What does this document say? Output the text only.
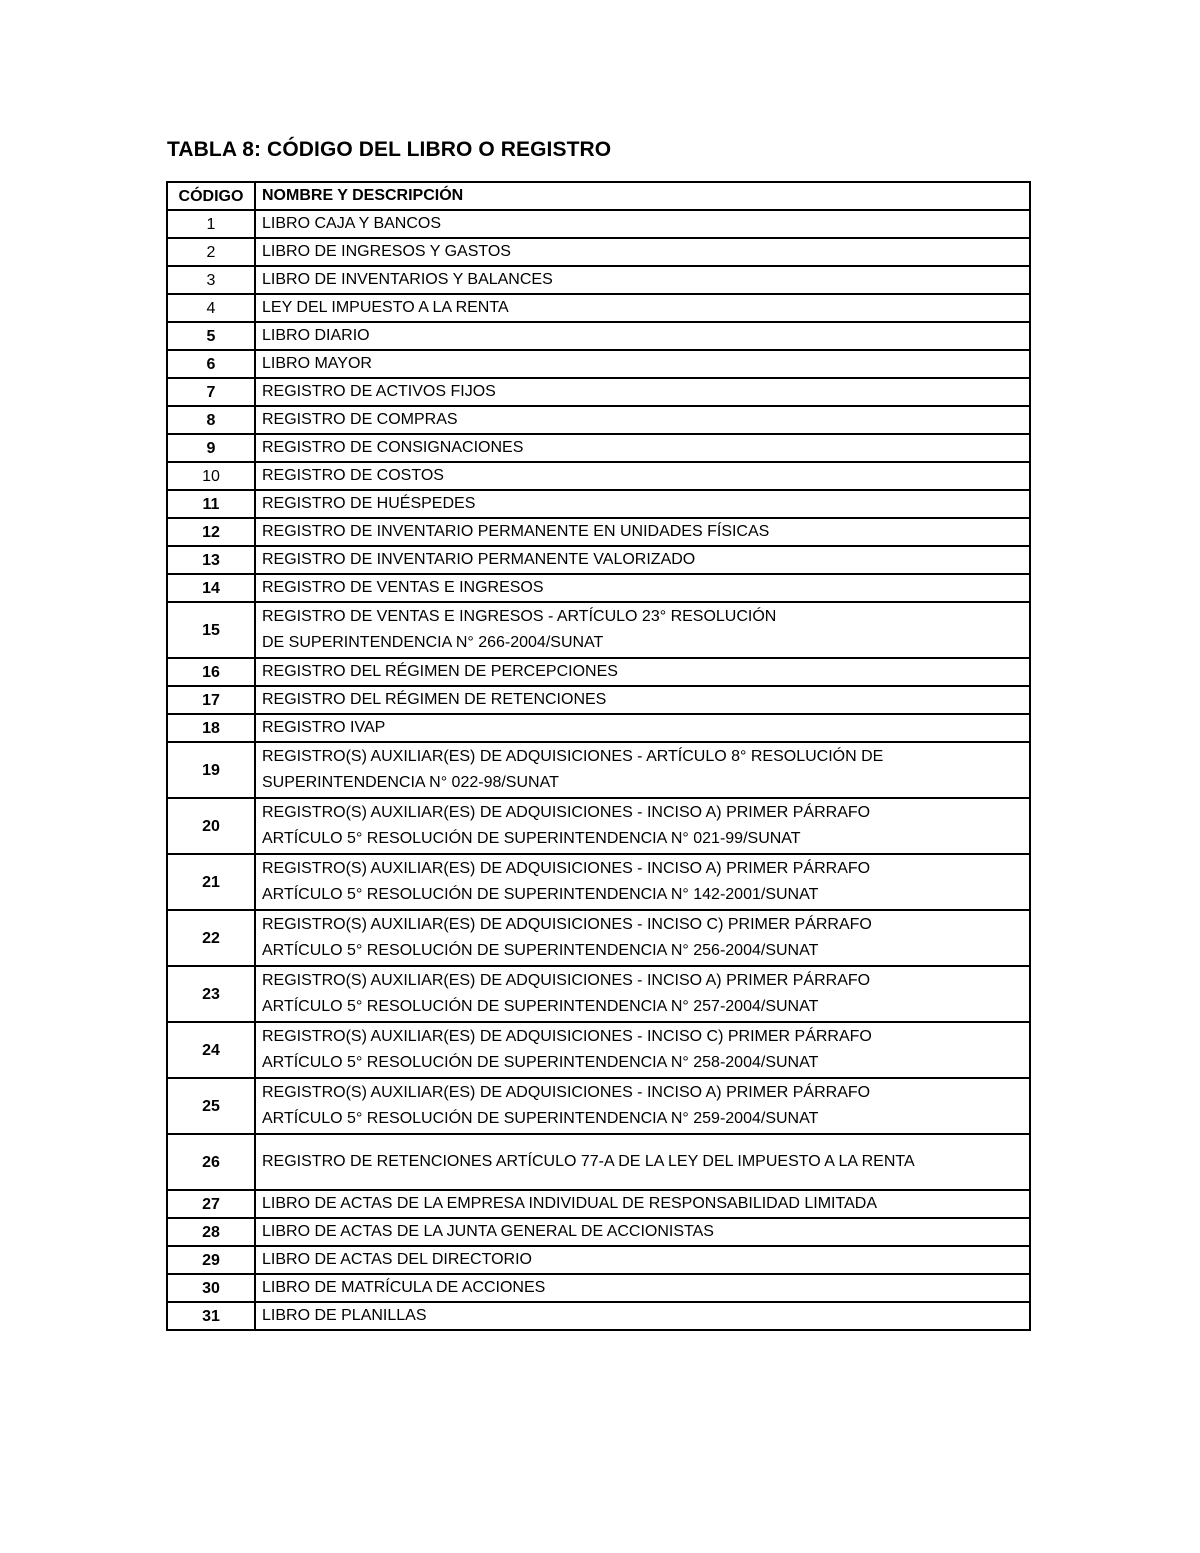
TABLA 8: CÓDIGO DEL LIBRO O REGISTRO
CÓDIGO	NOMBRE Y DESCRIPCIÓN
1	LIBRO CAJA Y BANCOS
2	LIBRO DE INGRESOS Y GASTOS
3	LIBRO DE INVENTARIOS Y BALANCES
4	LEY DEL IMPUESTO A LA RENTA
5	LIBRO DIARIO
6	LIBRO MAYOR
7	REGISTRO DE ACTIVOS FIJOS
8	REGISTRO DE COMPRAS
9	REGISTRO DE CONSIGNACIONES
10	REGISTRO DE COSTOS
11	REGISTRO DE HUÉSPEDES
12	REGISTRO DE INVENTARIO PERMANENTE EN UNIDADES FÍSICAS
13	REGISTRO DE INVENTARIO PERMANENTE VALORIZADO
14	REGISTRO DE VENTAS E INGRESOS
15	REGISTRO DE VENTAS E INGRESOS - ARTÍCULO 23° RESOLUCIÓN
DE SUPERINTENDENCIA N° 266-2004/SUNAT
16	REGISTRO DEL RÉGIMEN DE PERCEPCIONES
17	REGISTRO DEL RÉGIMEN DE RETENCIONES
18	REGISTRO IVAP
19	REGISTRO(S) AUXILIAR(ES) DE ADQUISICIONES - ARTÍCULO 8° RESOLUCIÓN DE
SUPERINTENDENCIA N° 022-98/SUNAT
20	REGISTRO(S) AUXILIAR(ES) DE ADQUISICIONES - INCISO A) PRIMER PÁRRAFO
ARTÍCULO 5° RESOLUCIÓN DE SUPERINTENDENCIA N° 021-99/SUNAT
21	REGISTRO(S) AUXILIAR(ES) DE ADQUISICIONES - INCISO A) PRIMER PÁRRAFO
ARTÍCULO 5° RESOLUCIÓN DE SUPERINTENDENCIA N° 142-2001/SUNAT
22	REGISTRO(S) AUXILIAR(ES) DE ADQUISICIONES - INCISO C) PRIMER PÁRRAFO
ARTÍCULO 5° RESOLUCIÓN DE SUPERINTENDENCIA N° 256-2004/SUNAT
23	REGISTRO(S) AUXILIAR(ES) DE ADQUISICIONES - INCISO A) PRIMER PÁRRAFO
ARTÍCULO 5° RESOLUCIÓN DE SUPERINTENDENCIA N° 257-2004/SUNAT
24	REGISTRO(S) AUXILIAR(ES) DE ADQUISICIONES - INCISO C) PRIMER PÁRRAFO
ARTÍCULO 5° RESOLUCIÓN DE SUPERINTENDENCIA N° 258-2004/SUNAT
25	REGISTRO(S) AUXILIAR(ES) DE ADQUISICIONES - INCISO A) PRIMER PÁRRAFO
ARTÍCULO 5° RESOLUCIÓN DE SUPERINTENDENCIA N° 259-2004/SUNAT
26	REGISTRO DE RETENCIONES ARTÍCULO 77-A DE LA LEY DEL IMPUESTO A LA RENTA
27	LIBRO DE ACTAS DE LA EMPRESA INDIVIDUAL DE RESPONSABILIDAD LIMITADA
28	LIBRO DE ACTAS DE LA JUNTA GENERAL DE ACCIONISTAS
29	LIBRO DE ACTAS DEL DIRECTORIO
30	LIBRO DE MATRÍCULA DE ACCIONES
31	LIBRO DE PLANILLAS
